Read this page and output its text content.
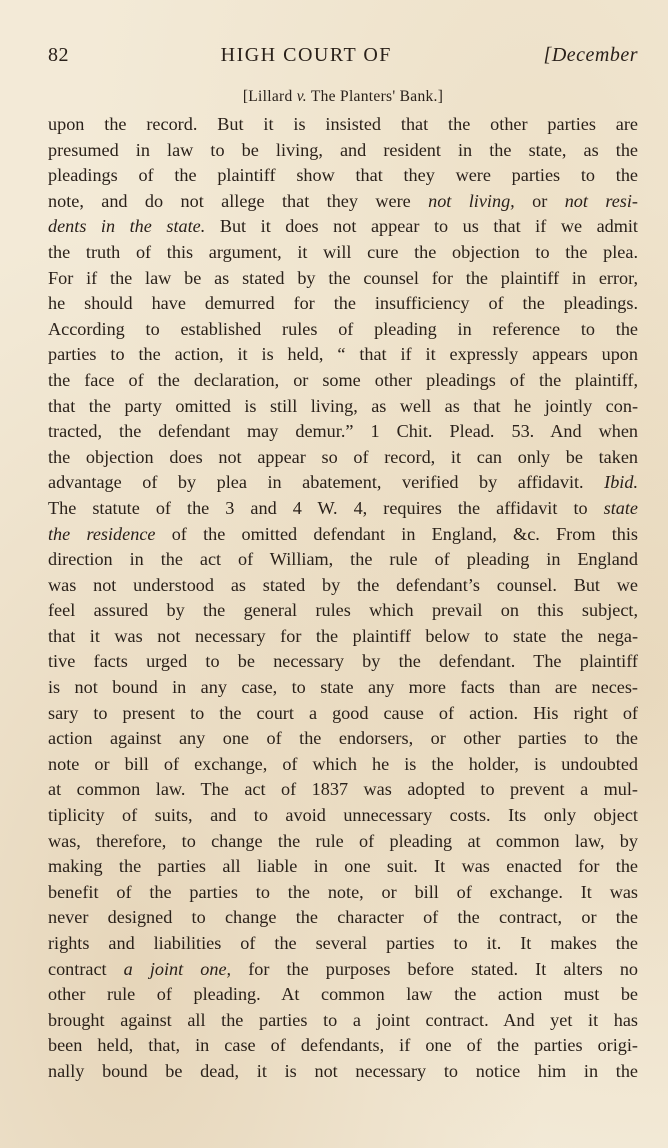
82	HIGH COURT OF	[December
[Lillard v. The Planters' Bank.]
upon the record. But it is insisted that the other parties are
presumed in law to be living, and resident in the state, as the
pleadings of the plaintiff show that they were parties to the
note, and do not allege that they were not living, or not resi-
dents in the state. But it does not appear to us that if we admit
the truth of this argument, it will cure the objection to the plea.
For if the law be as stated by the counsel for the plaintiff in error,
he should have demurred for the insufficiency of the pleadings.
According to established rules of pleading in reference to the
parties to the action, it is held, “ that if it expressly appears upon
the face of the declaration, or some other pleadings of the plaintiff,
that the party omitted is still living, as well as that he jointly con-
tracted, the defendant may demur.” 1 Chit. Plead. 53. And when
the objection does not appear so of record, it can only be taken
advantage of by plea in abatement, verified by affidavit. Ibid.
The statute of the 3 and 4 W. 4, requires the affidavit to state
the residence of the omitted defendant in England, &c. From this
direction in the act of William, the rule of pleading in England
was not understood as stated by the defendant’s counsel. But we
feel assured by the general rules which prevail on this subject,
that it was not necessary for the plaintiff below to state the nega-
tive facts urged to be necessary by the defendant. The plaintiff
is not bound in any case, to state any more facts than are neces-
sary to present to the court a good cause of action. His right of
action against any one of the endorsers, or other parties to the
note or bill of exchange, of which he is the holder, is undoubted
at common law. The act of 1837 was adopted to prevent a mul-
tiplicity of suits, and to avoid unnecessary costs. Its only object
was, therefore, to change the rule of pleading at common law, by
making the parties all liable in one suit. It was enacted for the
benefit of the parties to the note, or bill of exchange. It was
never designed to change the character of the contract, or the
rights and liabilities of the several parties to it. It makes the
contract a joint one, for the purposes before stated. It alters no
other rule of pleading. At common law the action must be
brought against all the parties to a joint contract. And yet it has
been held, that, in case of defendants, if one of the parties origi-
nally bound be dead, it is not necessary to notice him in the
